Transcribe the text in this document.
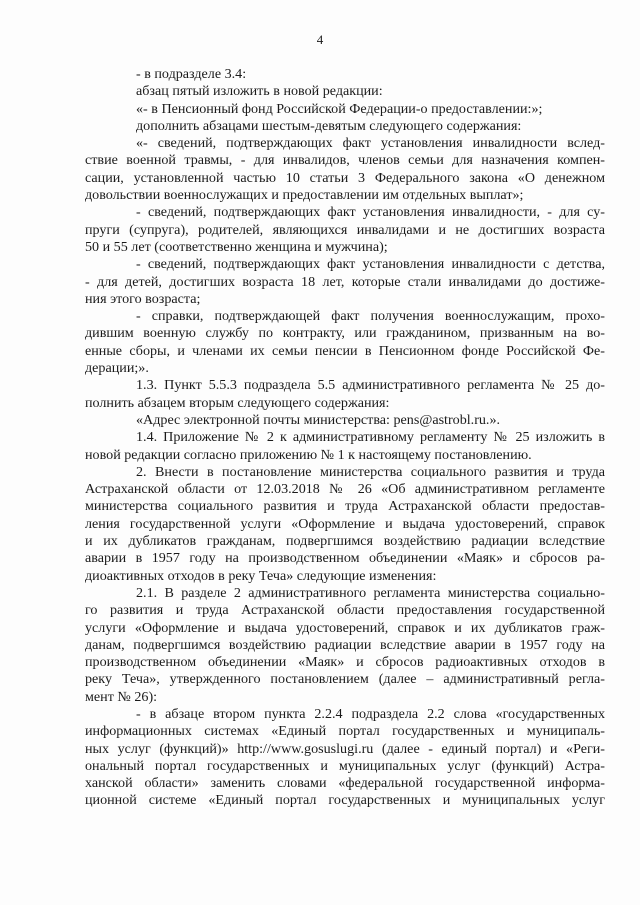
4
- в подразделе 3.4:
абзац пятый изложить в новой редакции:
«- в Пенсионный фонд Российской Федерации-о предоставлении:»;
дополнить абзацами шестым-девятым следующего содержания:
«- сведений, подтверждающих факт установления инвалидности вслед-
ствие военной травмы, - для инвалидов, членов семьи для назначения компен-
сации, установленной частью 10 статьи 3 Федерального закона «О денежном
довольствии военнослужащих и предоставлении им отдельных выплат»;
- сведений, подтверждающих факт установления инвалидности, - для су-
пруги (супруга), родителей, являющихся инвалидами и не достигших возраста
50 и 55 лет (соответственно женщина и мужчина);
- сведений, подтверждающих факт установления инвалидности с детства,
- для детей, достигших возраста 18 лет, которые стали инвалидами до достиже-
ния этого возраста;
- справки, подтверждающей факт получения военнослужащим, прохо-
дившим военную службу по контракту, или гражданином, призванным на во-
енные сборы, и членами их семьи пенсии в Пенсионном фонде Российской Фе-
дерации;».
1.3. Пункт 5.5.3 подраздела 5.5 административного регламента № 25 до-
полнить абзацем вторым следующего содержания:
«Адрес электронной почты министерства: pens@astrobl.ru.».
1.4. Приложение № 2 к административному регламенту № 25 изложить в
новой редакции согласно приложению № 1 к настоящему постановлению.
2. Внести в постановление министерства социального развития и труда
Астраханской области от 12.03.2018 № 26 «Об административном регламенте
министерства социального развития и труда Астраханской области предостав-
ления государственной услуги «Оформление и выдача удостоверений, справок
и их дубликатов гражданам, подвергшимся воздействию радиации вследствие
аварии в 1957 году на производственном объединении «Маяк» и сбросов ра-
диоактивных отходов в реку Теча» следующие изменения:
2.1. В разделе 2 административного регламента министерства социально-
го развития и труда Астраханской области предоставления государственной
услуги «Оформление и выдача удостоверений, справок и их дубликатов граж-
данам, подвергшимся воздействию радиации вследствие аварии в 1957 году на
производственном объединении «Маяк» и сбросов радиоактивных отходов в
реку Теча», утвержденного постановлением (далее – административный регла-
мент № 26):
- в абзаце втором пункта 2.2.4 подраздела 2.2 слова «государственных
информационных системах «Единый портал государственных и муниципаль-
ных услуг (функций)» http://www.gosuslugi.ru (далее - единый портал) и «Реги-
ональный портал государственных и муниципальных услуг (функций) Астра-
ханской области» заменить словами «федеральной государственной информа-
ционной системе «Единый портал государственных и муниципальных услуг
